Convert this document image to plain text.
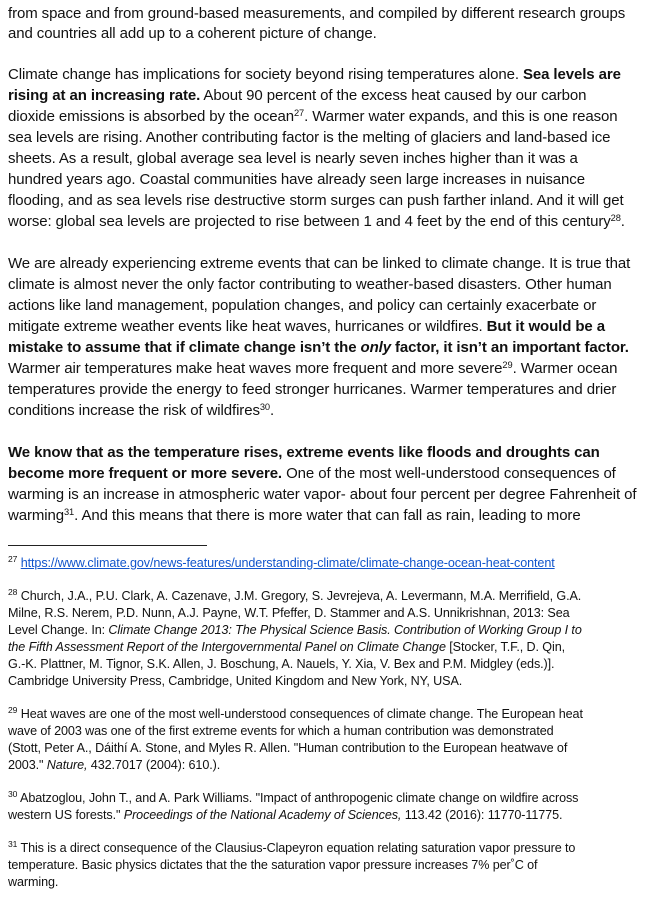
from space and from ground-based measurements, and compiled by different research groups
and countries all add up to a coherent picture of change.
Climate change has implications for society beyond rising temperatures alone. Sea levels are
rising at an increasing rate. About 90 percent of the excess heat caused by our carbon
dioxide emissions is absorbed by the ocean$^{27}$. Warmer water expands, and this is one reason
sea levels are rising. Another contributing factor is the melting of glaciers and land-based ice
sheets. As a result, global average sea level is nearly seven inches higher than it was a
hundred years ago. Coastal communities have already seen large increases in nuisance
flooding, and as sea levels rise destructive storm surges can push farther inland. And it will get
worse: global sea levels are projected to rise between 1 and 4 feet by the end of this century$^{28}$.
We are already experiencing extreme events that can be linked to climate change. It is true that
climate is almost never the only factor contributing to weather-based disasters. Other human
actions like land management, population changes, and policy can certainly exacerbate or
mitigate extreme weather events like heat waves, hurricanes or wildfires. But it would be a
mistake to assume that if climate change isn’t the only factor, it isn’t an important factor.
Warmer air temperatures make heat waves more frequent and more severe$^{29}$. Warmer ocean
temperatures provide the energy to feed stronger hurricanes. Warmer temperatures and drier
conditions increase the risk of wildfires$^{30}$.
We know that as the temperature rises, extreme events like floods and droughts can
become more frequent or more severe. One of the most well-understood consequences of
warming is an increase in atmospheric water vapor- about four percent per degree Fahrenheit of
warming$^{31}$. And this means that there is more water that can fall as rain, leading to more
$^{27}$ https://www.climate.gov/news-features/understanding-climate/climate-change-ocean-heat-content
$^{28}$ Church, J.A., P.U. Clark, A. Cazenave, J.M. Gregory, S. Jevrejeva, A. Levermann, M.A. Merrifield, G.A.
Milne, R.S. Nerem, P.D. Nunn, A.J. Payne, W.T. Pfeffer, D. Stammer and A.S. Unnikrishnan, 2013: Sea
Level Change. In: Climate Change 2013: The Physical Science Basis. Contribution of Working Group I to
the Fifth Assessment Report of the Intergovernmental Panel on Climate Change [Stocker, T.F., D. Qin,
G.-K. Plattner, M. Tignor, S.K. Allen, J. Boschung, A. Nauels, Y. Xia, V. Bex and P.M. Midgley (eds.)].
Cambridge University Press, Cambridge, United Kingdom and New York, NY, USA.
$^{29}$ Heat waves are one of the most well-understood consequences of climate change. The European heat
wave of 2003 was one of the first extreme events for which a human contribution was demonstrated
(Stott, Peter A., Dáithí A. Stone, and Myles R. Allen. "Human contribution to the European heatwave of
2003." Nature, 432.7017 (2004): 610.).
$^{30}$ Abatzoglou, John T., and A. Park Williams. "Impact of anthropogenic climate change on wildfire across
western US forests." Proceedings of the National Academy of Sciences, 113.42 (2016): 11770-11775.
$^{31}$ This is a direct consequence of the Clausius-Clapeyron equation relating saturation vapor pressure to
temperature. Basic physics dictates that the the saturation vapor pressure increases 7% per˚C of
warming.
